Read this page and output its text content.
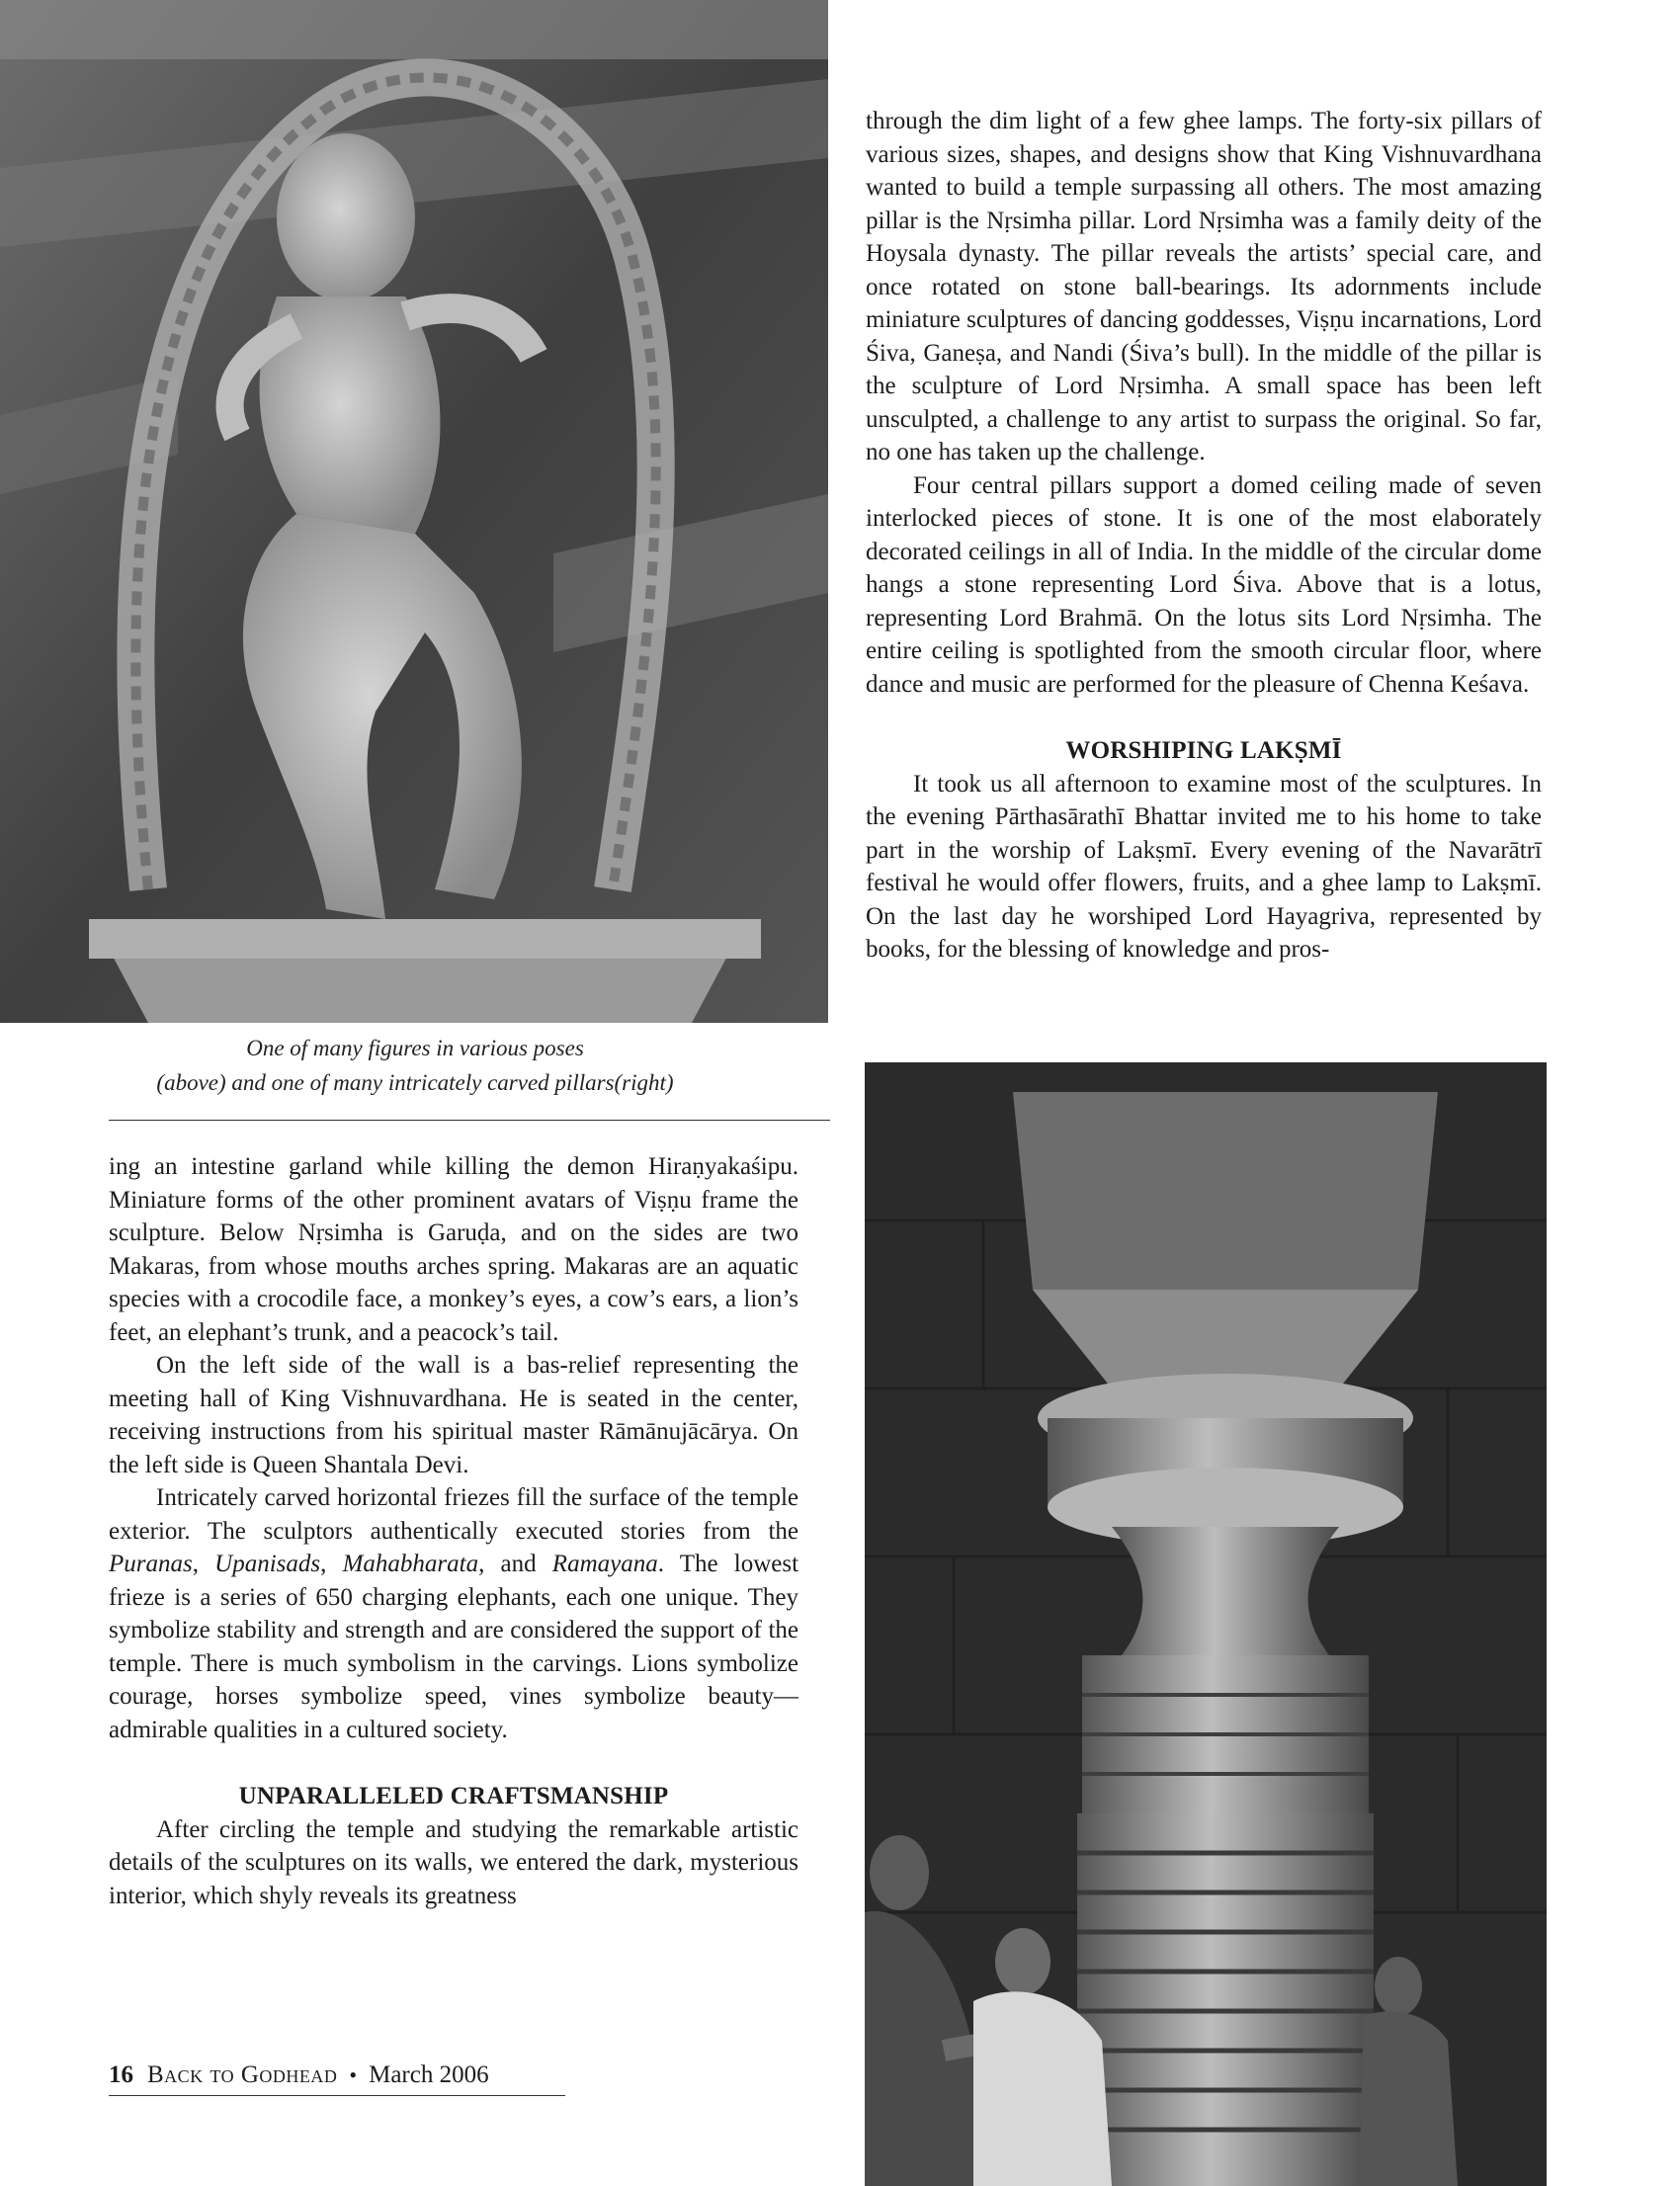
One of many figures in various poses
(above) and one of many intricately carved pillars(right)

through the dim light of a few ghee lamps. The forty-six pillars of various sizes, shapes, and designs show that King Vishnuvardhana wanted to build a temple surpassing all others. The most amazing pillar is the Nṛsimha pillar. Lord Nṛsimha was a family deity of the Hoysala dynasty. The pillar reveals the artists’ special care, and once rotated on stone ball-bearings. Its adornments include miniature sculptures of dancing goddesses, Viṣṇu incarnations, Lord Śiva, Ganeṣa, and Nandi (Śiva’s bull). In the middle of the pillar is the sculpture of Lord Nṛsimha. A small space has been left unsculpted, a challenge to any artist to surpass the original. So far, no one has taken up the challenge.

Four central pillars support a domed ceiling made of seven interlocked pieces of stone. It is one of the most elaborately decorated ceilings in all of India. In the middle of the circular dome hangs a stone representing Lord Śiva. Above that is a lotus, representing Lord Brahmā. On the lotus sits Lord Nṛsimha. The entire ceiling is spotlighted from the smooth circular floor, where dance and music are performed for the pleasure of Chenna Keśava.

WORSHIPING LAKṢMĪ

It took us all afternoon to examine most of the sculptures. In the evening Pārthasārathī Bhattar invited me to his home to take part in the worship of Lakṣmī. Every evening of the Navarātrī festival he would offer flowers, fruits, and a ghee lamp to Lakṣmī. On the last day he worshiped Lord Hayagriva, represented by books, for the blessing of knowledge and pros-

ing an intestine garland while killing the demon Hiraṇyakaśipu. Miniature forms of the other prominent avatars of Viṣṇu frame the sculpture. Below Nṛsimha is Garuḍa, and on the sides are two Makaras, from whose mouths arches spring. Makaras are an aquatic species with a crocodile face, a monkey’s eyes, a cow’s ears, a lion’s feet, an elephant’s trunk, and a peacock’s tail.

On the left side of the wall is a bas-relief representing the meeting hall of King Vishnuvardhana. He is seated in the center, receiving instructions from his spiritual master Rāmānujācārya. On the left side is Queen Shantala Devi.

Intricately carved horizontal friezes fill the surface of the temple exterior. The sculptors authentically executed stories from the Puranas, Upanisads, Mahabharata, and Ramayana. The lowest frieze is a series of 650 charging elephants, each one unique. They symbolize stability and strength and are considered the support of the temple. There is much symbolism in the carvings. Lions symbolize courage, horses symbolize speed, vines symbolize beauty—admirable qualities in a cultured society.

UNPARALLELED CRAFTSMANSHIP

After circling the temple and studying the remarkable artistic details of the sculptures on its walls, we entered the dark, mysterious interior, which shyly reveals its greatness

16 Back to Godhead • March 2006
